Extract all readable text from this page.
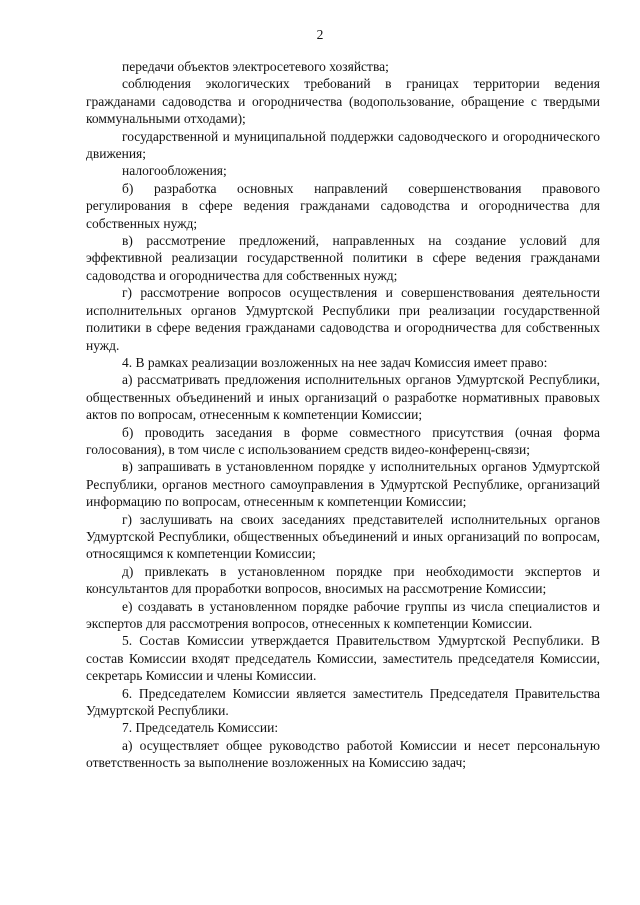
2

передачи объектов электросетевого хозяйства;

соблюдения экологических требований в границах территории ведения гражданами садоводства и огородничества (водопользование, обращение с твердыми коммунальными отходами);

государственной и муниципальной поддержки садоводческого и огороднического движения;

налогообложения;

б) разработка основных направлений совершенствования правового регулирования в сфере ведения гражданами садоводства и огородничества для собственных нужд;

в) рассмотрение предложений, направленных на создание условий для эффективной реализации государственной политики в сфере ведения гражданами садоводства и огородничества для собственных нужд;

г) рассмотрение вопросов осуществления и совершенствования деятельности исполнительных органов Удмуртской Республики при реализации государственной политики в сфере ведения гражданами садоводства и огородничества для собственных нужд.

4. В рамках реализации возложенных на нее задач Комиссия имеет право:

а) рассматривать предложения исполнительных органов Удмуртской Республики, общественных объединений и иных организаций о разработке нормативных правовых актов по вопросам, отнесенным к компетенции Комиссии;

б) проводить заседания в форме совместного присутствия (очная форма голосования), в том числе с использованием средств видео-конференц-связи;

в) запрашивать в установленном порядке у исполнительных органов Удмуртской Республики, органов местного самоуправления в Удмуртской Республике, организаций информацию по вопросам, отнесенным к компетенции Комиссии;

г) заслушивать на своих заседаниях представителей исполнительных органов Удмуртской Республики, общественных объединений и иных организаций по вопросам, относящимся к компетенции Комиссии;

д) привлекать в установленном порядке при необходимости экспертов и консультантов для проработки вопросов, вносимых на рассмотрение Комиссии;

е) создавать в установленном порядке рабочие группы из числа специалистов и экспертов для рассмотрения вопросов, отнесенных к компетенции Комиссии.

5. Состав Комиссии утверждается Правительством Удмуртской Республики. В состав Комиссии входят председатель Комиссии, заместитель председателя Комиссии, секретарь Комиссии и члены Комиссии.

6. Председателем Комиссии является заместитель Председателя Правительства Удмуртской Республики.

7. Председатель Комиссии:

а) осуществляет общее руководство работой Комиссии и несет персональную ответственность за выполнение возложенных на Комиссию задач;
